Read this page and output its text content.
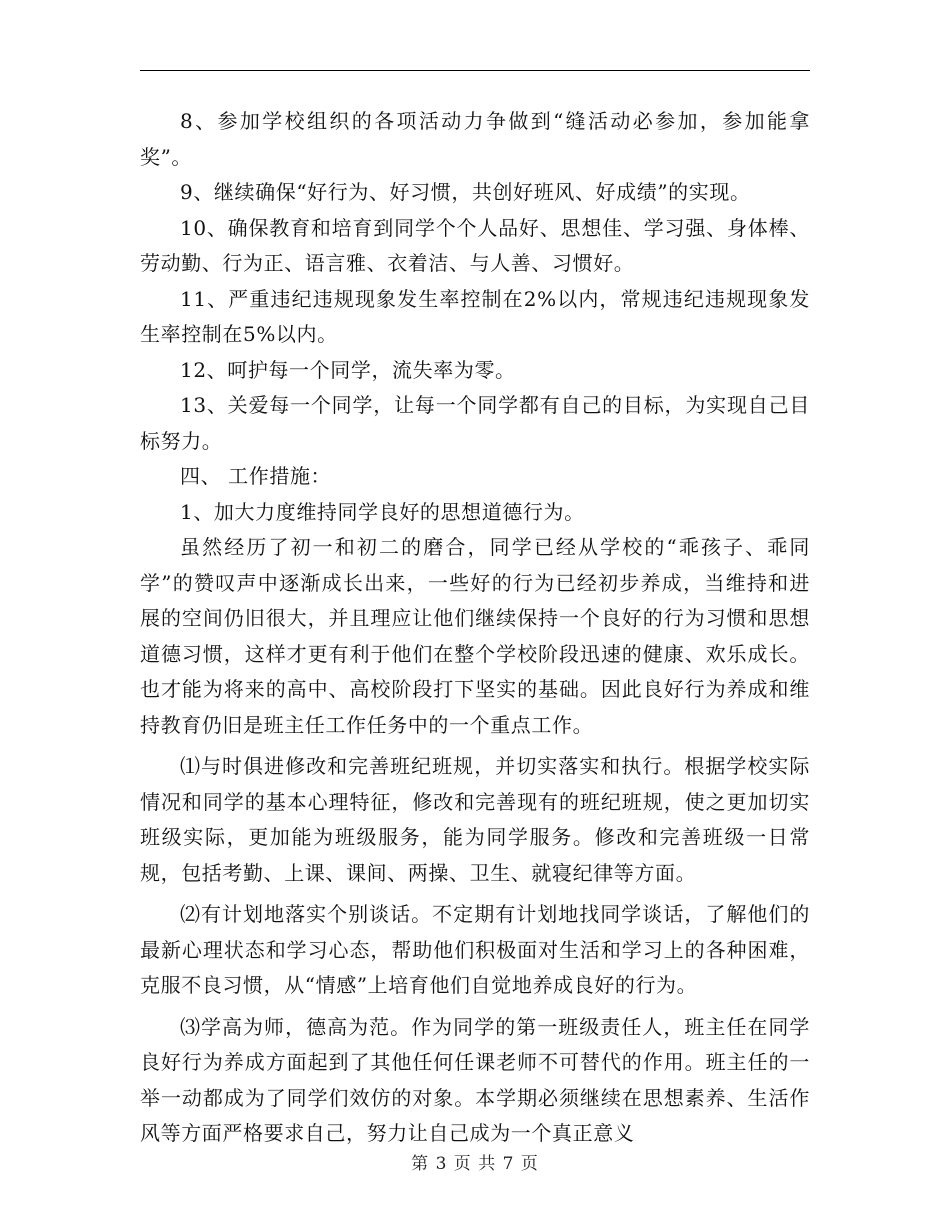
8、参加学校组织的各项活动力争做到“缝活动必参加，参加能拿奖”。

9、继续确保“好行为、好习惯，共创好班风、好成绩”的实现。

10、确保教育和培育到同学个个人品好、思想佳、学习强、身体棒、劳动勤、行为正、语言雅、衣着洁、与人善、习惯好。

11、严重违纪违规现象发生率控制在2%以内，常规违纪违规现象发生率控制在5%以内。

12、呵护每一个同学，流失率为零。

13、关爱每一个同学，让每一个同学都有自己的目标，为实现自己目标努力。

四、 工作措施：

1、加大力度维持同学良好的思想道德行为。

虽然经历了初一和初二的磨合，同学已经从学校的“乖孩子、乖同学”的赞叹声中逐渐成长出来，一些好的行为已经初步养成，当维持和进展的空间仍旧很大，并且理应让他们继续保持一个良好的行为习惯和思想道德习惯，这样才更有利于他们在整个学校阶段迅速的健康、欢乐成长。也才能为将来的高中、高校阶段打下坚实的基础。因此良好行为养成和维持教育仍旧是班主任工作任务中的一个重点工作。

⑴与时俱进修改和完善班纪班规，并切实落实和执行。根据学校实际情况和同学的基本心理特征，修改和完善现有的班纪班规，使之更加切实班级实际，更加能为班级服务，能为同学服务。修改和完善班级一日常规，包括考勤、上课、课间、两操、卫生、就寝纪律等方面。

⑵有计划地落实个别谈话。不定期有计划地找同学谈话，了解他们的最新心理状态和学习心态，帮助他们积极面对生活和学习上的各种困难，克服不良习惯，从“情感”上培育他们自觉地养成良好的行为。

⑶学高为师，德高为范。作为同学的第一班级责任人，班主任在同学良好行为养成方面起到了其他任何任课老师不可替代的作用。班主任的一举一动都成为了同学们效仿的对象。本学期必须继续在思想素养、生活作风等方面严格要求自己，努力让自己成为一个真正意义

第 3 页 共 7 页
